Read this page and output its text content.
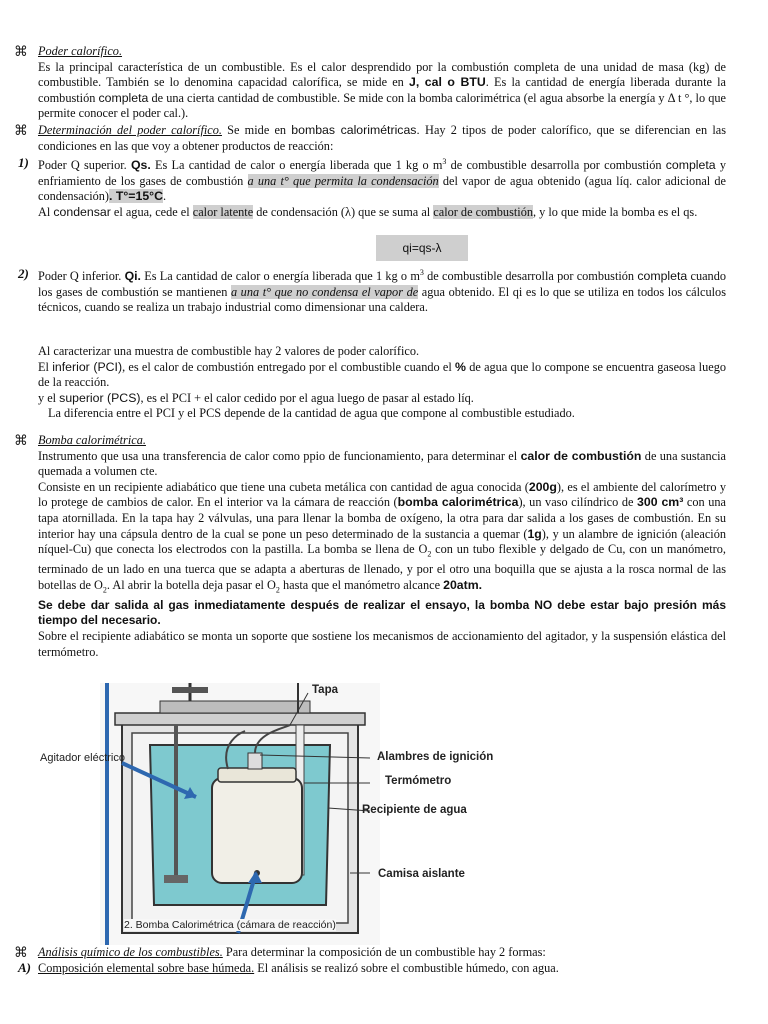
⌘ Poder calorífico.

Es la principal característica de un combustible. Es el calor desprendido por la combustión completa de una unidad de masa (kg) de combustible. También se lo denomina capacidad calorífica, se mide en J, cal o BTU. Es la cantidad de energía liberada durante la combustión completa de una cierta cantidad de combustible. Se mide con la bomba calorimétrica (el agua absorbe la energía y Δ t °, lo que permite conocer el poder cal.).

⌘ Determinación del poder calorífico. Se mide en bombas calorimétricas. Hay 2 tipos de poder calorífico, que se diferencian en las condiciones en las que voy a obtener productos de reacción:

1) Poder Q superior. Qs. Es La cantidad de calor o energía liberada que 1 kg o $m^3$ de combustible desarrolla por combustión completa y enfriamiento de los gases de combustión a una t° que permita la condensación del vapor de agua obtenido (agua líq. calor adicional de condensación). T°=15°C.

Al condensar el agua, cede el calor latente de condensación (λ) que se suma al calor de combustión, y lo que mide la bomba es el qs.

qi=qs-λ
2) Poder Q inferior. Qi. Es La cantidad de calor o energía liberada que 1 kg o $m^3$ de combustible desarrolla por combustión completa cuando los gases de combustión se mantienen a una t° que no condensa el vapor de agua obtenido. El qi es lo que se utiliza en todos los cálculos técnicos, cuando se realiza un trabajo industrial como dimensionar una caldera.

Al caracterizar una muestra de combustible hay 2 valores de poder calorífico.

El inferior (PCI), es el calor de combustión entregado por el combustible cuando el % de agua que lo compone se encuentra gaseosa luego de la reacción.

y el superior (PCS), es el PCI + el calor cedido por el agua luego de pasar al estado líq.

La diferencia entre el PCI y el PCS depende de la cantidad de agua que compone al combustible estudiado.

⌘ Bomba calorimétrica.

Instrumento que usa una transferencia de calor como ppio de funcionamiento, para determinar el calor de combustión de una sustancia quemada a volumen cte.

Consiste en un recipiente adiabático que tiene una cubeta metálica con cantidad de agua conocida (200g), es el ambiente del calorímetro y lo protege de cambios de calor. En el interior va la cámara de reacción (bomba calorimétrica), un vaso cilíndrico de 300 cm³ con una tapa atornillada. En la tapa hay 2 válvulas, una para llenar la bomba de oxígeno, la otra para dar salida a los gases de combustión. En su interior hay una cápsula dentro de la cual se pone un peso determinado de la sustancia a quemar (1g), y un alambre de ignición (aleación níquel-Cu) que conecta los electrodos con la pastilla. La bomba se llena de $O_2$ con un tubo flexible y delgado de Cu, con un manómetro, terminado de un lado en una tuerca que se adapta a aberturas de llenado, y por el otro una boquilla que se ajusta a la rosca normal de las botellas de $O_2$. Al abrir la botella deja pasar el $O_2$ hasta que el manómetro alcance 20atm.

Se debe dar salida al gas inmediatamente después de realizar el ensayo, la bomba NO debe estar bajo presión más tiempo del necesario.

Sobre el recipiente adiabático se monta un soporte que sostiene los mecanismos de accionamiento del agitador, y la suspensión elástica del termómetro.

Tapa
Agitador eléctrico	Alambres de ignición
Termómetro
Recipiente de agua
Camisa aislante
2. Bomba Calorimétrica (cámara de reacción)
⌘ Análisis químico de los combustibles. Para determinar la composición de un combustible hay 2 formas:

Composición elemental sobre base húmeda. El análisis se realizó sobre el combustible húmedo, con agua.

A)
